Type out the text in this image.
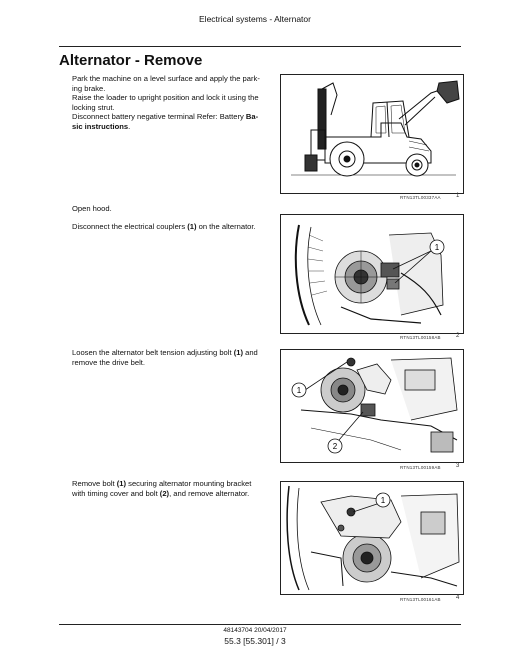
Electrical systems - Alternator
Alternator - Remove

Park the machine on a level surface and apply the park-

ing brake.

Raise the loader to upright position and lock it using the

locking strut.

Disconnect battery negative terminal Refer: Battery Ba-

sic instructions.

RTN13TL00337AA	1

Open hood.

Disconnect the electrical couplers (1) on the alternator.

1
RTN13TL00158AB	2

Loosen the alternator belt tension adjusting bolt (1) and

remove the drive belt.

1
2
RTN13TL00159AB	3

Remove bolt (1) securing alternator mounting bracket

with timing cover and bolt (2), and remove alternator.

1
RTN13TL00161AB	4
48143704 20/04/2017
55.3 [55.301] / 3
